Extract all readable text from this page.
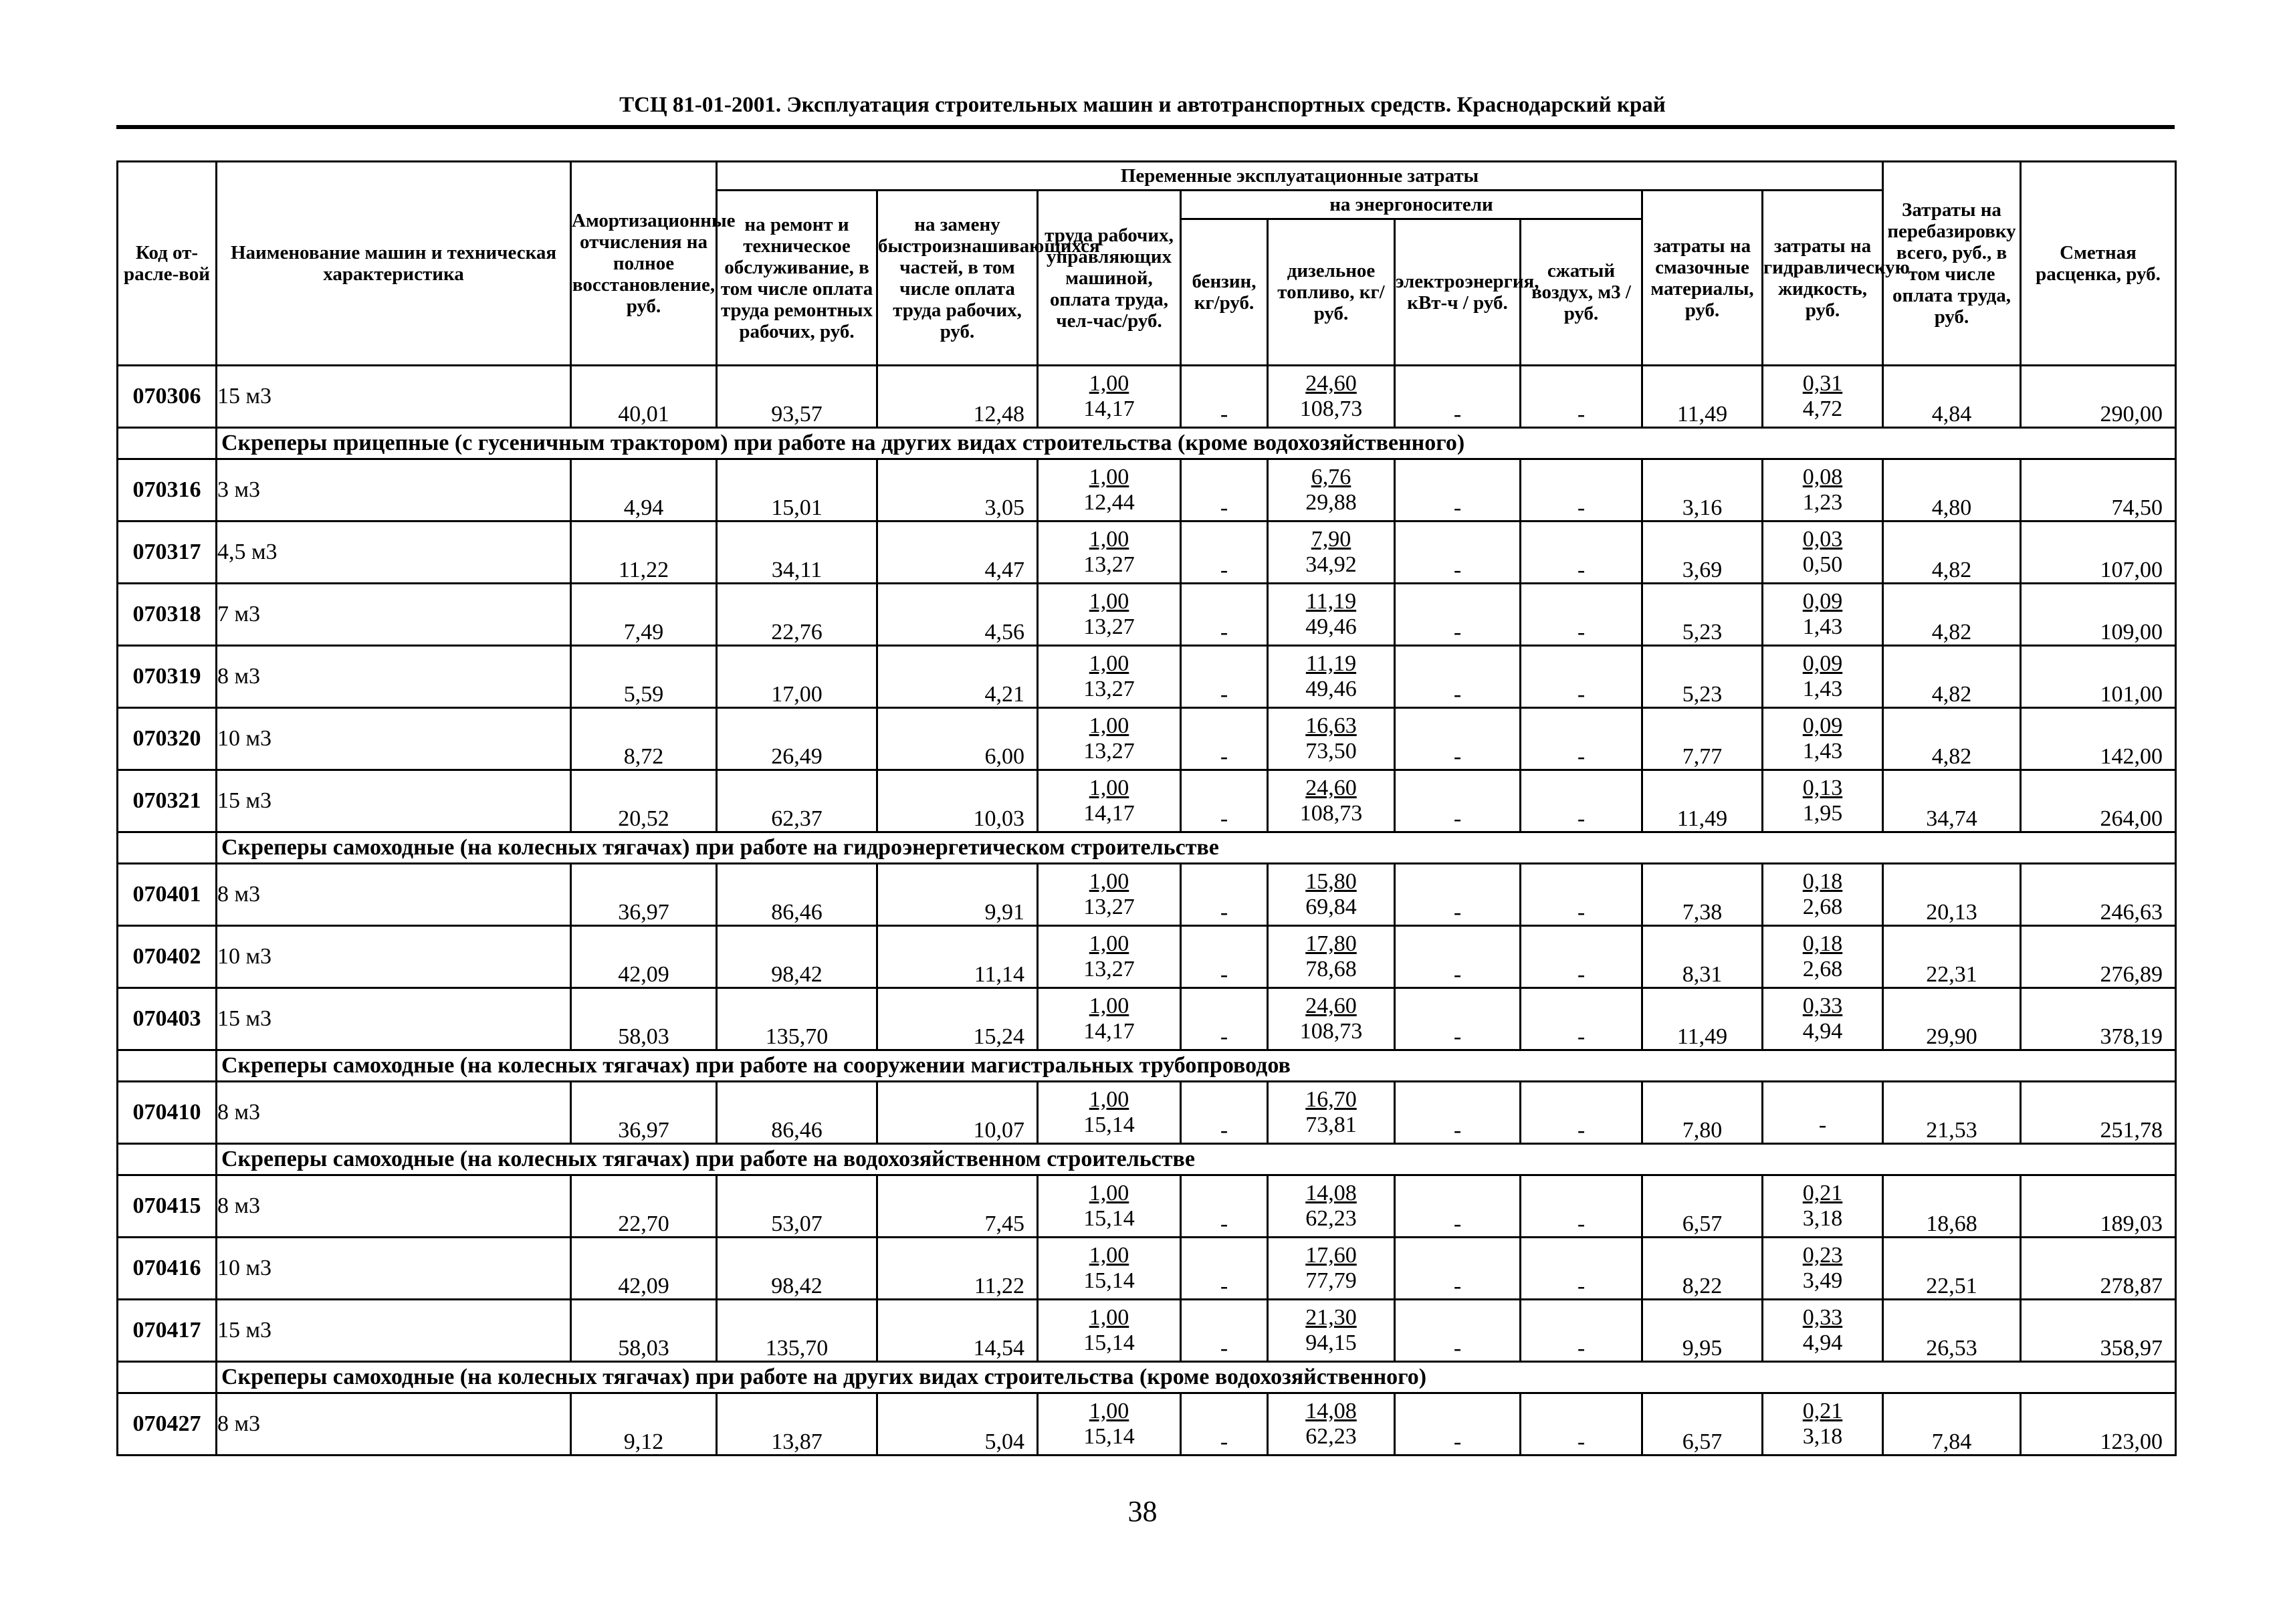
ТСЦ 81-01-2001. Эксплуатация строительных машин и автотранспортных средств. Краснодарский край
Код от-расле-вой	Наименование машин и техническая характеристика	Амортизационные отчисления на полное восстановление, руб.	Переменные эксплуатационные затраты									Затраты на перебазировку всего, руб., в том числе оплата труда, руб.	Сметная расценка, руб.
			на ремонт и техническое обслуживание, в том числе оплата труда ремонтных рабочих, руб.	на замену быстроизнашивающихся частей, в том числе оплата труда рабочих, руб.	труда рабочих, управляющих машиной, оплата труда, чел-час/руб.	на энергоносители				затраты на смазочные материалы, руб.	затраты на гидравлическую жидкость, руб.		
						бензин, кг/руб.	дизельное топливо, кг/руб.	электроэнергия, кВт-ч / руб.	сжатый воздух, м3 / руб.				
070306	15 м3	40,01	93,57	12,48	1,00	-	24,60	-	-	11,49	0,31	4,84	290,00
					14,17		108,73				4,72		
	Скреперы прицепные (с гусеничным трактором) при работе на других видах строительства (кроме водохозяйственного)												
070316	3 м3	4,94	15,01	3,05	1,00	-	6,76	-	-	3,16	0,08	4,80	74,50
					12,44		29,88				1,23		
070317	4,5 м3	11,22	34,11	4,47	1,00	-	7,90	-	-	3,69	0,03	4,82	107,00
					13,27		34,92				0,50		
070318	7 м3	7,49	22,76	4,56	1,00	-	11,19	-	-	5,23	0,09	4,82	109,00
					13,27		49,46				1,43		
070319	8 м3	5,59	17,00	4,21	1,00	-	11,19	-	-	5,23	0,09	4,82	101,00
					13,27		49,46				1,43		
070320	10 м3	8,72	26,49	6,00	1,00	-	16,63	-	-	7,77	0,09	4,82	142,00
					13,27		73,50				1,43		
070321	15 м3	20,52	62,37	10,03	1,00	-	24,60	-	-	11,49	0,13	34,74	264,00
					14,17		108,73				1,95		
	Скреперы самоходные (на колесных тягачах) при работе на гидроэнергетическом строительстве												
070401	8 м3	36,97	86,46	9,91	1,00	-	15,80	-	-	7,38	0,18	20,13	246,63
					13,27		69,84				2,68		
070402	10 м3	42,09	98,42	11,14	1,00	-	17,80	-	-	8,31	0,18	22,31	276,89
					13,27		78,68				2,68		
070403	15 м3	58,03	135,70	15,24	1,00	-	24,60	-	-	11,49	0,33	29,90	378,19
					14,17		108,73				4,94		
	Скреперы самоходные (на колесных тягачах) при работе на сооружении магистральных трубопроводов												
070410	8 м3	36,97	86,46	10,07	1,00	-	16,70	-	-	7,80		21,53	251,78
					15,14		73,81				-		
	Скреперы самоходные (на колесных тягачах) при работе на водохозяйственном строительстве												
070415	8 м3	22,70	53,07	7,45	1,00	-	14,08	-	-	6,57	0,21	18,68	189,03
					15,14		62,23				3,18		
070416	10 м3	42,09	98,42	11,22	1,00	-	17,60	-	-	8,22	0,23	22,51	278,87
					15,14		77,79				3,49		
070417	15 м3	58,03	135,70	14,54	1,00	-	21,30	-	-	9,95	0,33	26,53	358,97
					15,14		94,15				4,94		
	Скреперы самоходные (на колесных тягачах) при работе на других видах строительства (кроме водохозяйственного)												
070427	8 м3	9,12	13,87	5,04	1,00	-	14,08	-	-	6,57	0,21	7,84	123,00
					15,14		62,23				3,18		
38
